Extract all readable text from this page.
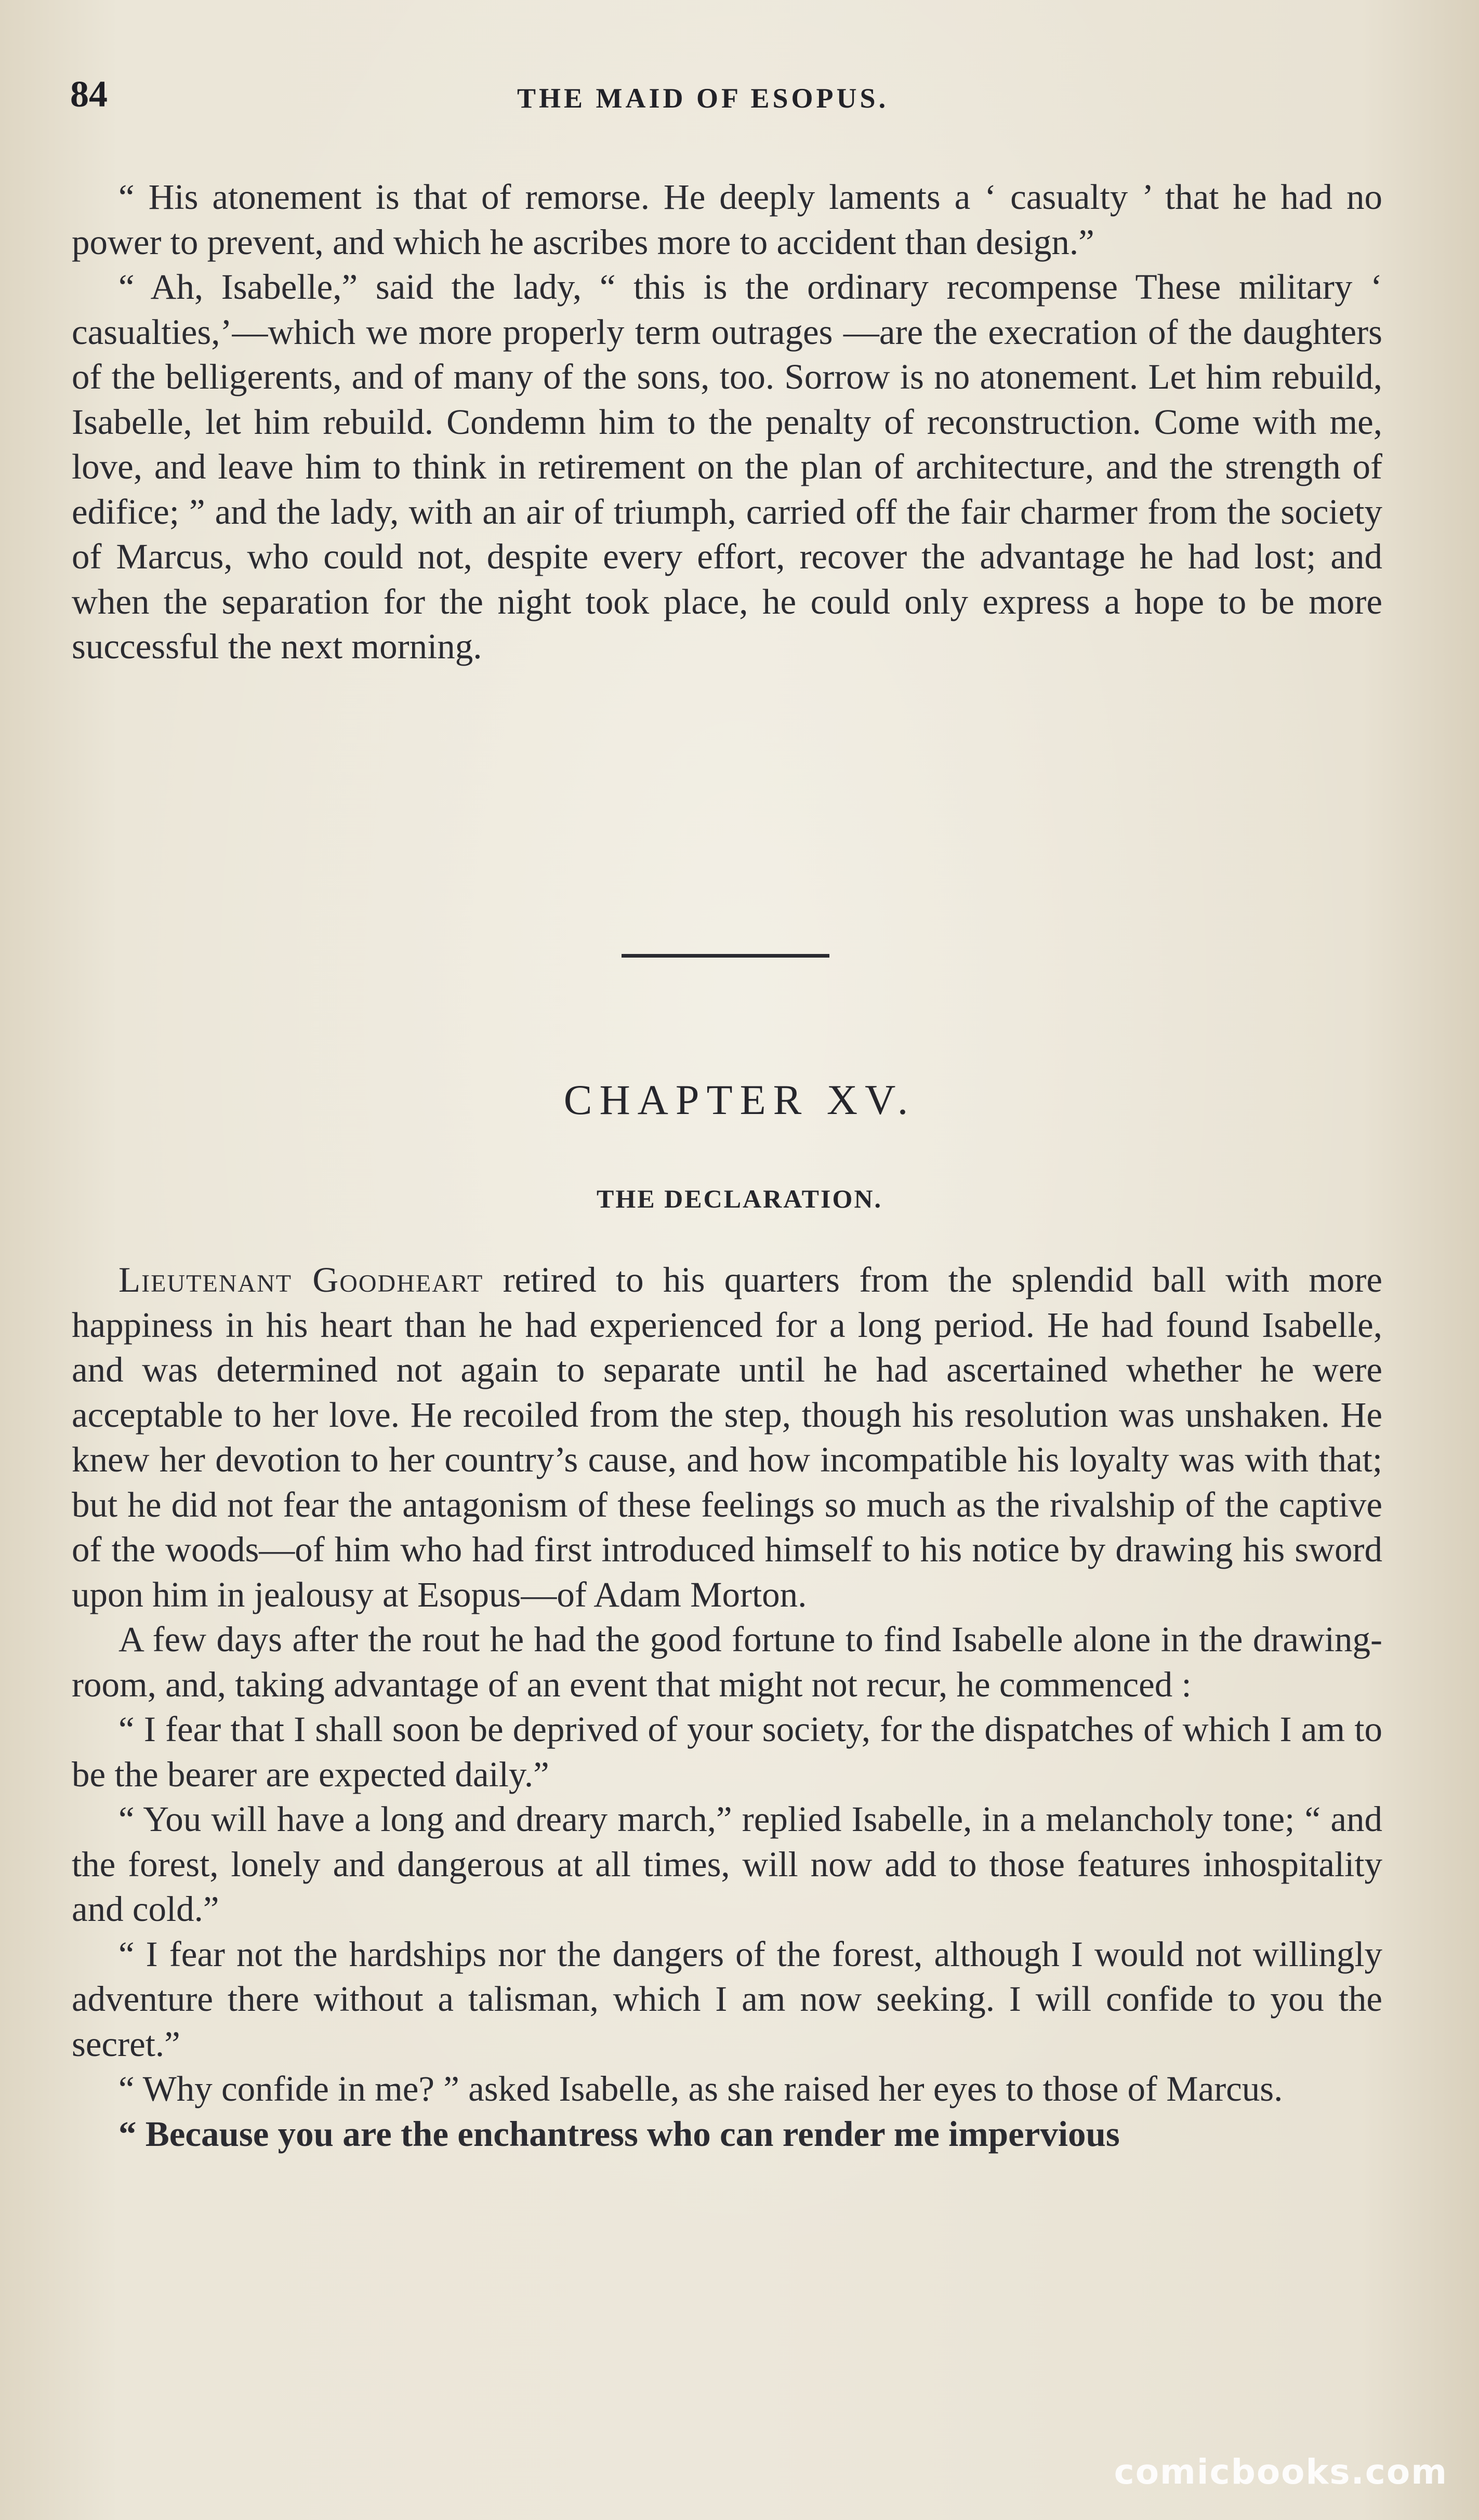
84	THE MAID OF ESOPUS.

“ His atonement is that of remorse. He deeply laments a ‘ casualty ’ that he had no power to prevent, and which he ascribes more to accident than design.”

“ Ah, Isabelle,” said the lady, “ this is the ordinary recompense These military ‘ casualties,’—which we more properly term outrages —are the execration of the daughters of the belligerents, and of many of the sons, too. Sorrow is no atonement. Let him rebuild, Isabelle, let him rebuild. Condemn him to the penalty of reconstruction. Come with me, love, and leave him to think in retirement on the plan of architecture, and the strength of edifice; ” and the lady, with an air of triumph, carried off the fair charmer from the society of Marcus, who could not, despite every effort, recover the advantage he had lost; and when the separation for the night took place, he could only express a hope to be more successful the next morning.

CHAPTER XV.
THE DECLARATION.

Lieutenant Goodheart retired to his quarters from the splendid ball with more happiness in his heart than he had experienced for a long period. He had found Isabelle, and was determined not again to separate until he had ascertained whether he were acceptable to her love. He recoiled from the step, though his resolution was unshaken. He knew her devotion to her country’s cause, and how incompatible his loyalty was with that; but he did not fear the antagonism of these feelings so much as the rivalship of the captive of the woods—of him who had first introduced himself to his notice by drawing his sword upon him in jealousy at Esopus—of Adam Morton.

A few days after the rout he had the good fortune to find Isabelle alone in the drawing-room, and, taking advantage of an event that might not recur, he commenced :

“ I fear that I shall soon be deprived of your society, for the dispatches of which I am to be the bearer are expected daily.”

“ You will have a long and dreary march,” replied Isabelle, in a melancholy tone; “ and the forest, lonely and dangerous at all times, will now add to those features inhospitality and cold.”

“ I fear not the hardships nor the dangers of the forest, although I would not willingly adventure there without a talisman, which I am now seeking. I will confide to you the secret.”

“ Why confide in me? ” asked Isabelle, as she raised her eyes to those of Marcus.

“ Because you are the enchantress who can render me impervious

comicbooks.com
